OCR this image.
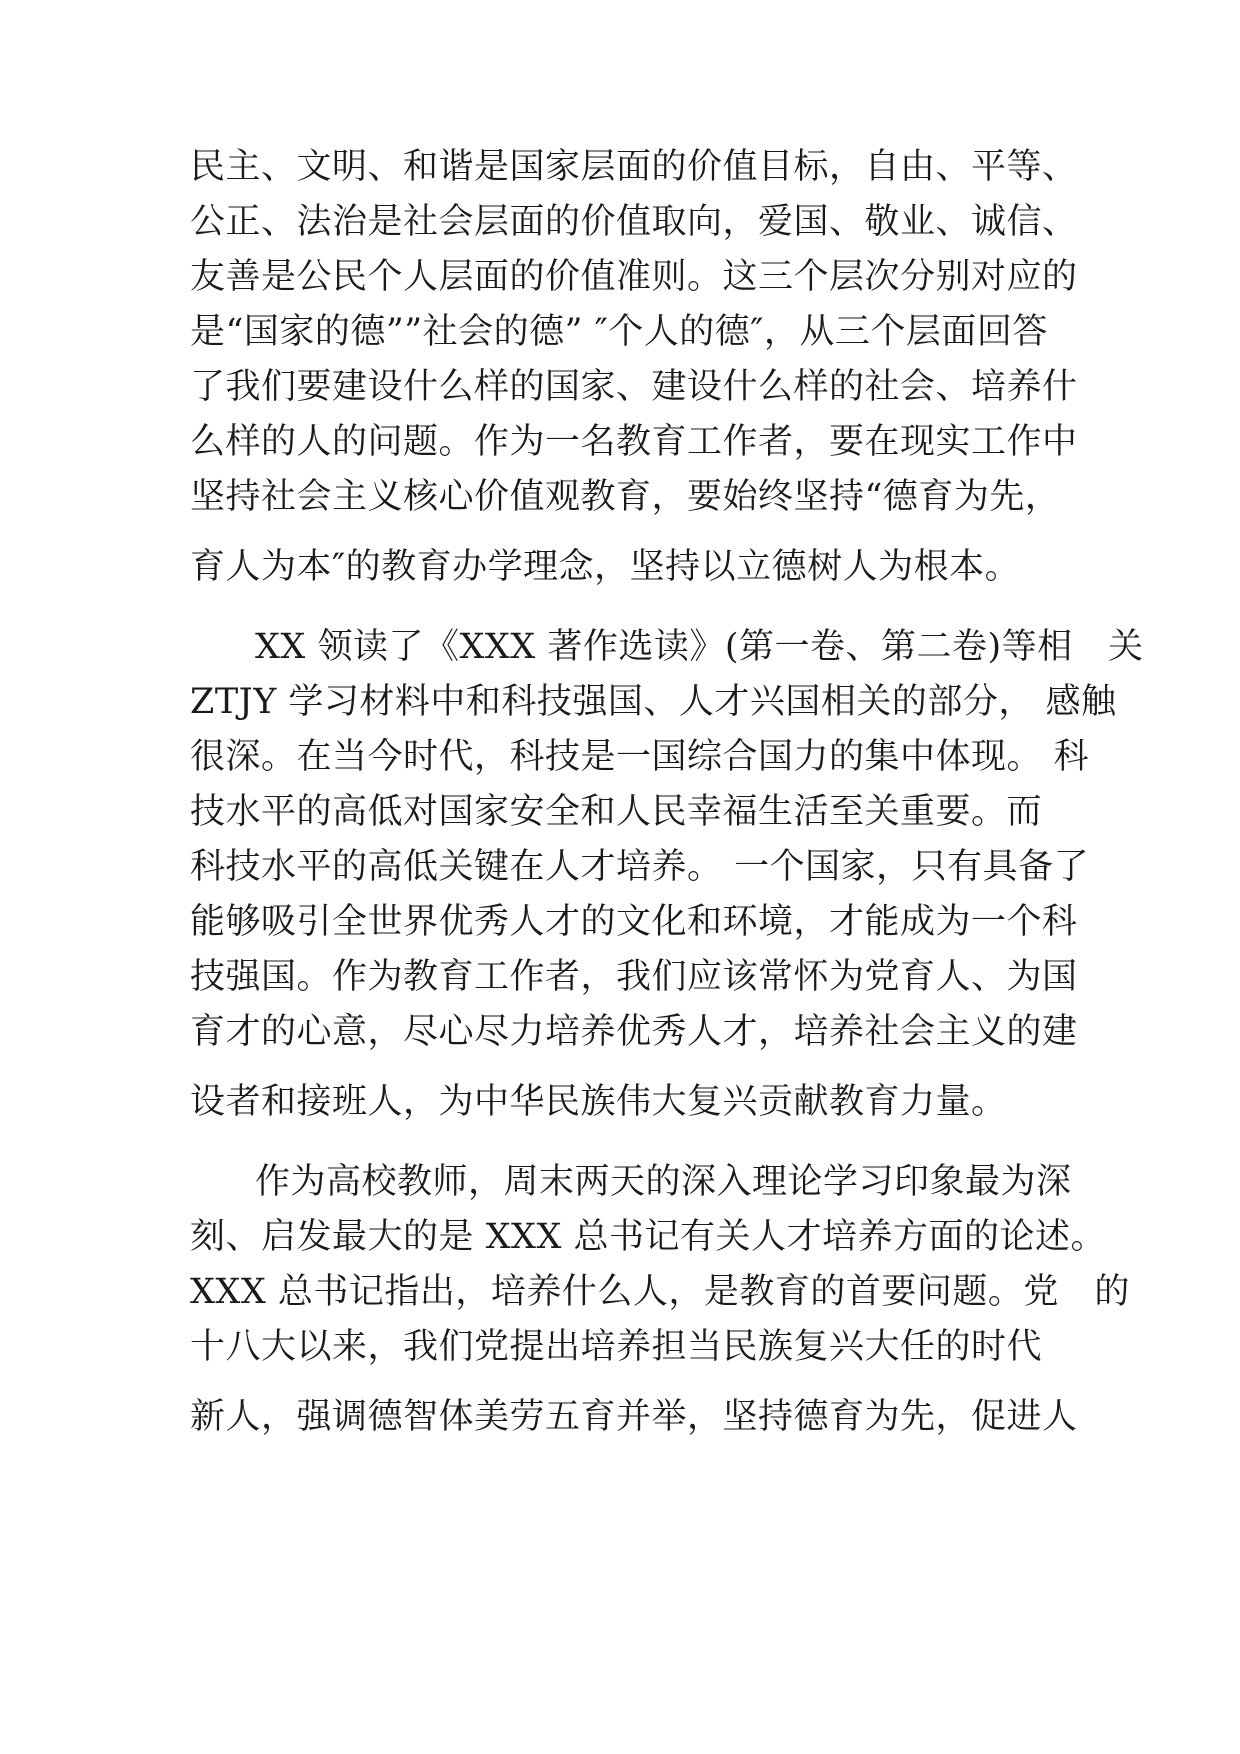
民主、文明、和谐是国家层面的价值目标，自由、平等、
公正、法治是社会层面的价值取向，爱国、敬业、诚信、
友善是公民个人层面的价值准则。这三个层次分别对应的
是“国家的德””社会的德” ″个人的德″，从三个层面回答
了我们要建设什么样的国家、建设什么样的社会、培养什
么样的人的问题。作为一名教育工作者，要在现实工作中
坚持社会主义核心价值观教育，要始终坚持“德育为先，
育人为本″的教育办学理念，坚持以立德树人为根本。
XX 领读了《XXX 著作选读》(第一卷、第二卷)等相　关
ZTJY 学习材料中和科技强国、人才兴国相关的部分， 感触
很深。在当今时代，科技是一国综合国力的集中体现。 科
技水平的高低对国家安全和人民幸福生活至关重要。而
科技水平的高低关键在人才培养。 一个国家，只有具备了
能够吸引全世界优秀人才的文化和环境，才能成为一个科
技强国。作为教育工作者，我们应该常怀为党育人、为国
育才的心意，尽心尽力培养优秀人才，培养社会主义的建
设者和接班人，为中华民族伟大复兴贡献教育力量。
作为高校教师，周末两天的深入理论学习印象最为深
刻、启发最大的是 XXX 总书记有关人才培养方面的论述。
XXX 总书记指出，培养什么人，是教育的首要问题。党　的
十八大以来，我们党提出培养担当民族复兴大任的时代
新人，强调德智体美劳五育并举，坚持德育为先，促进人
